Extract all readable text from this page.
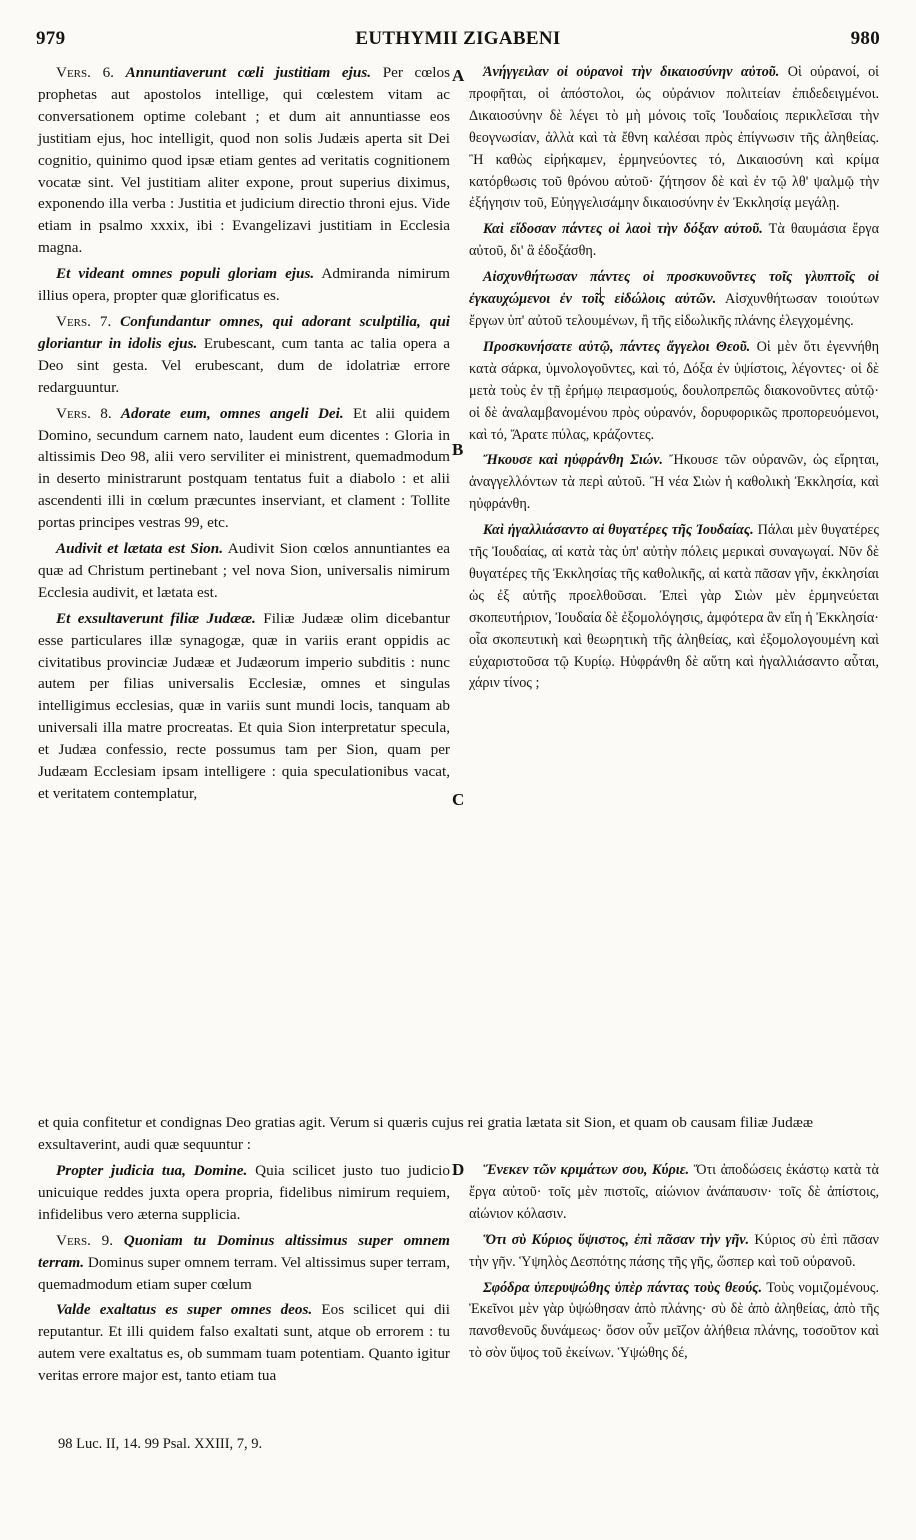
979	EUTHYMII ZIGABENI	980
A
B
C
D

Vers. 6. Annuntiaverunt cœli justitiam ejus. Per cœlos prophetas aut apostolos intellige, qui cœlestem vitam ac conversationem optime colebant ; et dum ait annuntiasse eos justitiam ejus, hoc intelligit, quod non solis Judæis aperta sit Dei cognitio, quinimo quod ipsæ etiam gentes ad veritatis cognitionem vocatæ sint. Vel justitiam aliter expone, prout superius diximus, exponendo illa verba : Justitia et judicium directio throni ejus. Vide etiam in psalmo xxxix, ibi : Evangelizavi justitiam in Ecclesia magna.

Et videant omnes populi gloriam ejus. Admiranda nimirum illius opera, propter quæ glorificatus es.

Vers. 7. Confundantur omnes, qui adorant sculptilia, qui gloriantur in idolis ejus. Erubescant, cum tanta ac talia opera a Deo sint gesta. Vel erubescant, dum de idolatriæ errore redarguuntur.

Vers. 8. Adorate eum, omnes angeli Dei. Et alii quidem Domino, secundum carnem nato, laudent eum dicentes : Gloria in altissimis Deo 98, alii vero serviliter ei ministrent, quemadmodum in deserto ministrarunt postquam tentatus fuit a diabolo : et alii ascendenti illi in cœlum præcuntes inserviant, et clament : Tollite portas principes vestras 99, etc.

Audivit et lætata est Sion. Audivit Sion cœlos annuntiantes ea quæ ad Christum pertinebant ; vel nova Sion, universalis nimirum Ecclesia audivit, et lætata est.

Et exsultaverunt filiæ Judææ. Filiæ Judææ olim dicebantur esse particulares illæ synagogæ, quæ in variis erant oppidis ac civitatibus provinciæ Judææ et Judæorum imperio subditis : nunc autem per filias universalis Ecclesiæ, omnes et singulas intelligimus ecclesias, quæ in variis sunt mundi locis, tanquam ab universali illa matre procreatas. Et quia Sion interpretatur specula, et Judæa confessio, recte possumus tam per Sion, quam per Judæam Ecclesiam ipsam intelligere : quia speculationibus vacat, et veritatem contemplatur,

Ἀνήγγειλαν οἱ οὐρανοὶ τὴν δικαιοσύνην αὐτοῦ. Οἱ οὐρανοί, οἱ προφῆται, οἱ ἀπόστολοι, ὡς οὐράνιον πολιτείαν ἐπιδεδειγμένοι. Δικαιοσύνην δὲ λέγει τὸ μὴ μόνοις τοῖς Ἰουδαίοις περικλεῖσαι τὴν θεογνωσίαν, ἀλλὰ καὶ τὰ ἔθνη καλέσαι πρὸς ἐπίγνωσιν τῆς ἀληθείας. Ἢ καθὼς εἰρήκαμεν, ἑρμηνεύοντες τό, Δικαιοσύνη καὶ κρίμα κατόρθωσις τοῦ θρόνου αὐτοῦ· ζήτησον δὲ καὶ ἐν τῷ λθ' ψαλμῷ τὴν ἐξήγησιν τοῦ, Εὐηγγελισάμην δικαιοσύνην ἐν Ἐκκλησίᾳ μεγάλῃ.

Καὶ εἴδοσαν πάντες οἱ λαοὶ τὴν δόξαν αὐτοῦ. Τὰ θαυμάσια ἔργα αὐτοῦ, δι' ἃ ἐδοξάσθη.

Αἰσχυνθήτωσαν πάντες οἱ προσκυνοῦντες τοῖς γλυπτοῖς οἱ ἐγκαυχώμενοι ἐν τοῖς εἰδώλοις αὐτῶν. Αἰσχυνθήτωσαν τοιούτων ἔργων ὑπ' αὐτοῦ τελουμένων, ἢ τῆς εἰδωλικῆς πλάνης ἐλεγχομένης.

Προσκυνήσατε αὐτῷ, πάντες ἄγγελοι Θεοῦ. Οἱ μὲν ὅτι ἐγεννήθη κατὰ σάρκα, ὑμνολογοῦντες, καὶ τό, Δόξα ἐν ὑψίστοις, λέγοντες· οἱ δὲ μετὰ τοὺς ἐν τῇ ἐρήμῳ πειρασμούς, δουλοπρεπῶς διακονοῦντες αὐτῷ· οἱ δὲ ἀναλαμβανομένου πρὸς οὐρανόν, δορυφορικῶς προπορευόμενοι, καὶ τό, Ἄρατε πύλας, κράζοντες.

Ἤκουσε καὶ ηὐφράνθη Σιών. Ἤκουσε τῶν οὐρανῶν, ὡς εἴρηται, ἀναγγελλόντων τὰ περὶ αὐτοῦ. Ἢ νέα Σιὼν ἡ καθολικὴ Ἐκκλησία, καὶ ηὐφράνθη.

Καὶ ἠγαλλιάσαντο αἱ θυγατέρες τῆς Ἰουδαίας. Πάλαι μὲν θυγατέρες τῆς Ἰουδαίας, αἱ κατὰ τὰς ὑπ' αὐτὴν πόλεις μερικαὶ συναγωγαί. Νῦν δὲ θυγατέρες τῆς Ἐκκλησίας τῆς καθολικῆς, αἱ κατὰ πᾶσαν γῆν, ἐκκλησίαι ὡς ἐξ αὐτῆς προελθοῦσαι. Ἐπεὶ γὰρ Σιὼν μὲν ἑρμηνεύεται σκοπευτήριον, Ἰουδαία δὲ ἐξομολόγησις, ἀμφότερα ἂν εἴη ἡ Ἐκκλησία· οἷα σκοπευτικὴ καὶ θεωρητικὴ τῆς ἀληθείας, καὶ ἐξομολογουμένη καὶ εὐχαριστοῦσα τῷ Κυρίῳ. Ηὐφράνθη δὲ αὕτη καὶ ἠγαλλιάσαντο αὗται, χάριν τίνος ;

et quia confitetur et condignas Deo gratias agit. Verum si quæris cujus rei gratia lætata sit Sion, et quam ob causam filiæ Judææ exsultaverint, audi quæ sequuntur :

Propter judicia tua, Domine. Quia scilicet justo tuo judicio unicuique reddes juxta opera propria, fidelibus nimirum requiem, infidelibus vero æterna supplicia.

Vers. 9. Quoniam tu Dominus altissimus super omnem terram. Dominus super omnem terram. Vel altissimus super terram, quemadmodum etiam super cœlum

Valde exaltatus es super omnes deos. Eos scilicet qui dii reputantur. Et illi quidem falso exaltati sunt, atque ob errorem : tu autem vere exaltatus es, ob summam tuam potentiam. Quanto igitur veritas errore major est, tanto etiam tua

Ἕνεκεν τῶν κριμάτων σου, Κύριε. Ὅτι ἀποδώσεις ἑκάστῳ κατὰ τὰ ἔργα αὐτοῦ· τοῖς μὲν πιστοῖς, αἰώνιον ἀνάπαυσιν· τοῖς δὲ ἀπίστοις, αἰώνιον κόλασιν.

Ὅτι σὺ Κύριος ὕψιστος, ἐπὶ πᾶσαν τὴν γῆν. Κύριος σὺ ἐπὶ πᾶσαν τὴν γῆν. Ὑψηλὸς Δεσπότης πάσης τῆς γῆς, ὥσπερ καὶ τοῦ οὐρανοῦ.

Σφόδρα ὑπερυψώθης ὑπὲρ πάντας τοὺς θεούς. Τοὺς νομιζομένους. Ἐκεῖνοι μὲν γὰρ ὑψώθησαν ἀπὸ πλάνης· σὺ δὲ ἀπὸ ἀληθείας, ἀπὸ τῆς πανσθενοῦς δυνάμεως· ὅσον οὖν μεῖζον ἀλήθεια πλάνης, τοσοῦτον καὶ τὸ σὸν ὕψος τοῦ ἐκείνων. Ὑψώθης δέ,

98 Luc. II, 14. 99 Psal. XXIII, 7, 9.
